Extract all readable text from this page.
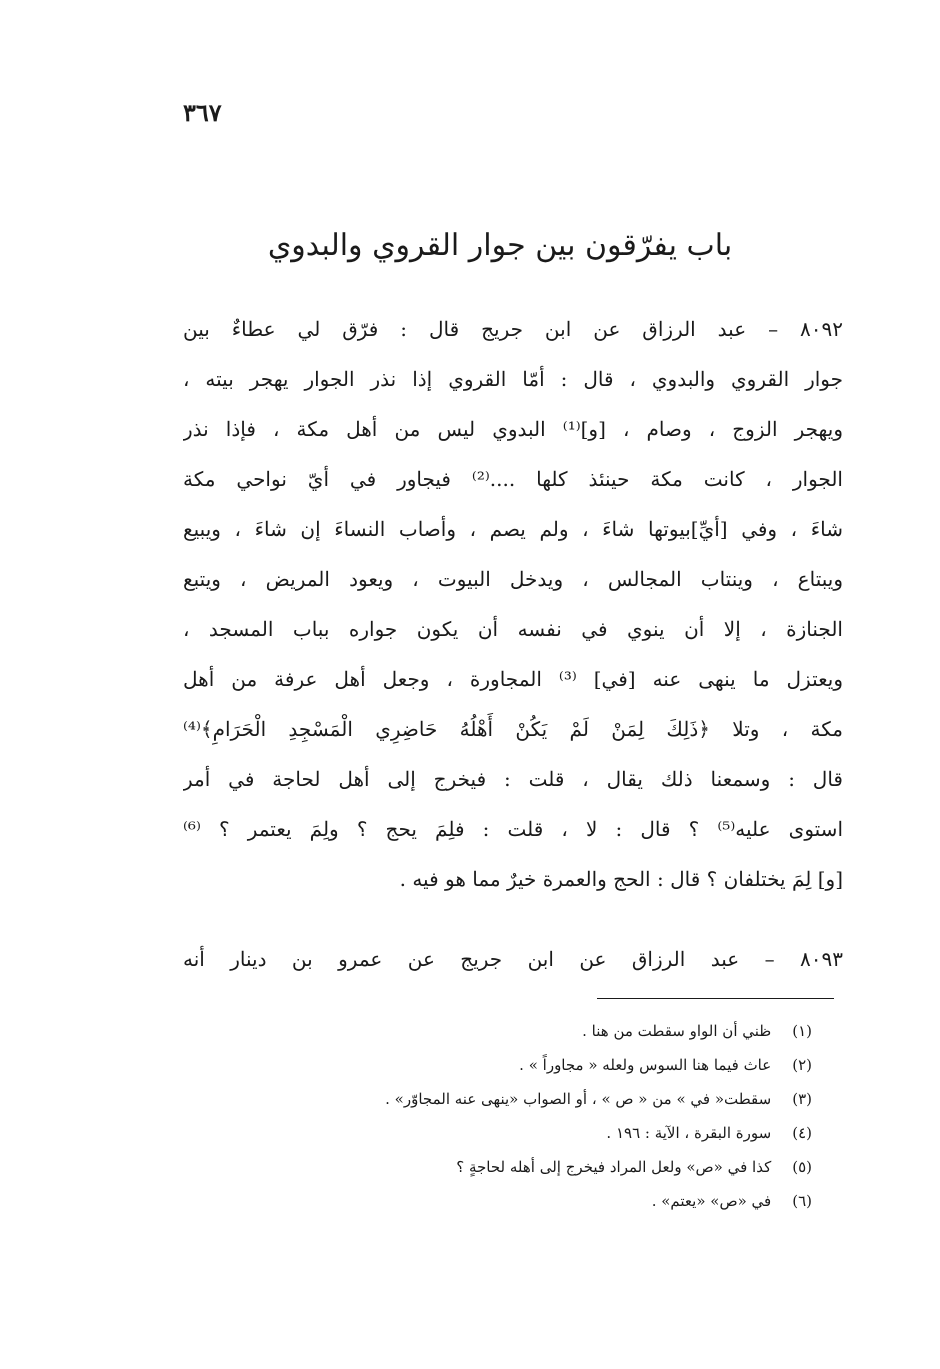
٣٦٧
باب يفرّقون بين جوار القروي والبدوي
٨٠٩٢ – عبد الرزاق عن ابن جريج قال : فرّق لي عطاءٌ بين
جوار القروي والبدوي ، قال : أمّا القروي إذا نذر الجوار يهجر بيته ،
ويهجر الزوج ، وصام ، [و]⁽¹⁾ البدوي ليس من أهل مكة ، فإذا نذر
الجوار ، كانت مكة حينئذ كلها ....⁽²⁾ فيجاور في أيّ نواحي مكة
شاءَ ، وفي [أيِّ]بيوتها شاءَ ، ولم يصم ، وأصاب النساءَ إن شاءَ ، ويبيع
ويبتاع ، وينتاب المجالس ، ويدخل البيوت ، ويعود المريض ، ويتبع
الجنازة ، إلا أن ينوي في نفسه أن يكون جواره بباب المسجد ،
ويعتزل ما ينهى عنه [في] ⁽³⁾ المجاورة ، وجعل أهل عرفة من أهل
مكة ، وتلا ﴿ذَلِكَ لِمَنْ لَمْ يَكُنْ أَهْلُهُ حَاضِرِي الْمَسْجِدِ الْحَرَامِ﴾⁽⁴⁾
قال : وسمعنا ذلك يقال ، قلت : فيخرج إلى أهل لحاجة في أمر
استوى عليه⁽⁵⁾ ؟ قال : لا ، قلت : فلِمَ يحج ؟ ولِمَ يعتمر ؟ ⁽⁶⁾
[و] لِمَ يختلفان ؟ قال : الحج والعمرة خيرٌ مما هو فيه .
٨٠٩٣ – عبد الرزاق عن ابن جريج عن عمرو بن دينار أنه
(١) ظني أن الواو سقطت من هنا .
(٢) عاث فيما هنا السوس ولعله « مجاوراً » .
(٣) سقطت« في » من « ص » ، أو الصواب «ينهى عنه المجاوّر» .
(٤) سورة البقرة ، الآية : ١٩٦ .
(٥) كذا في «ص» ولعل المراد فيخرج إلى أهله لحاجةٍ ؟
(٦) في «ص» «يعتم» .
